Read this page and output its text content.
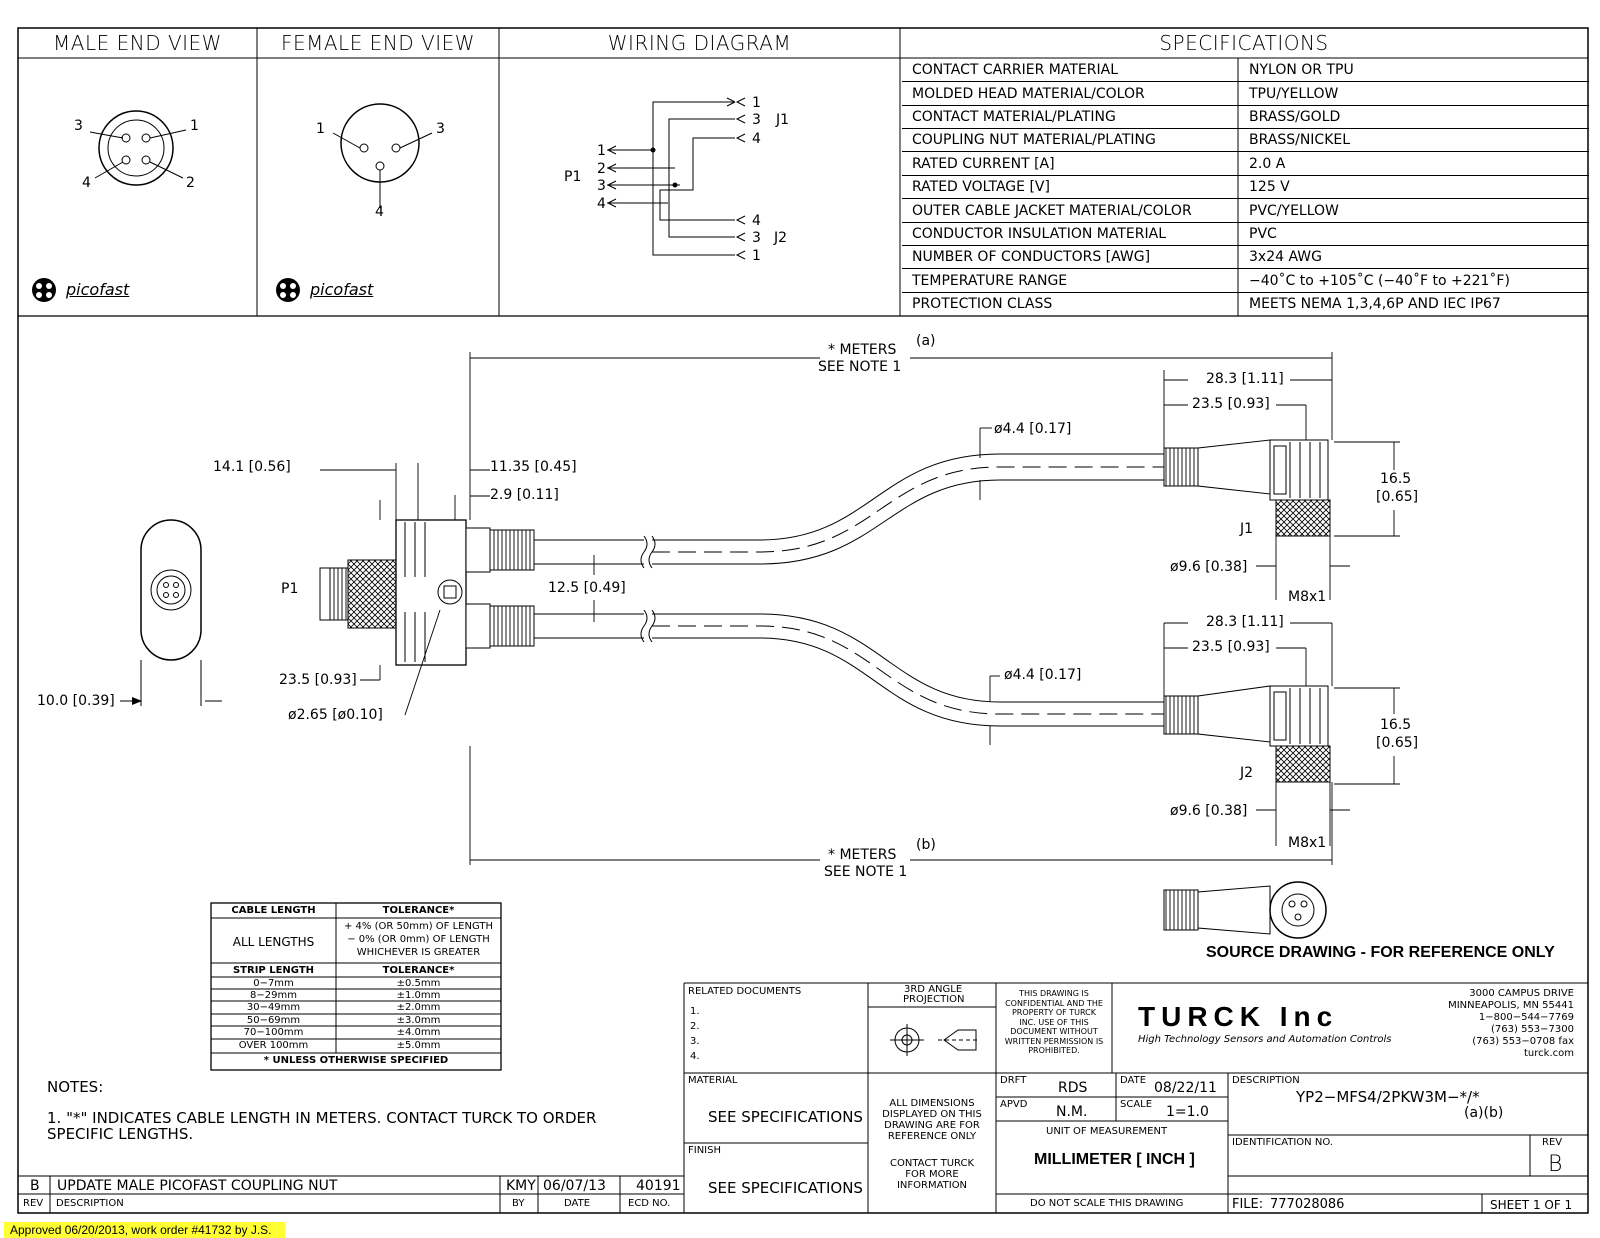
MALE END VIEW	FEMALE END VIEW	WIRING DIAGRAM	SPECIFICATIONS
3	1
4	2
1	3
4
picofast	picofast
P1
1
2
3
4
1
3
4
J1
4
3
1
J2
CONTACT CARRIER MATERIAL	NYLON OR TPU
MOLDED HEAD MATERIAL/COLOR	TPU/YELLOW
CONTACT MATERIAL/PLATING	BRASS/GOLD
COUPLING NUT MATERIAL/PLATING	BRASS/NICKEL
RATED CURRENT [A]	2.0 A
RATED VOLTAGE [V]	125 V
OUTER CABLE JACKET MATERIAL/COLOR	PVC/YELLOW
CONDUCTOR INSULATION MATERIAL	PVC
NUMBER OF CONDUCTORS [AWG]	3x24 AWG
TEMPERATURE RANGE	−40˚C to +105˚C (−40˚F to +221˚F)
PROTECTION CLASS	MEETS NEMA 1,3,4,6P AND IEC IP67
* METERS
SEE NOTE 1
(a)
* METERS
SEE NOTE 1
(b)
14.1 [0.56]	11.35 [0.45]
2.9 [0.11]
12.5 [0.49]
23.5 [0.93]
ø2.65 [ø0.10]
10.0 [0.39]
P1
28.3 [1.11]
23.5 [0.93]
ø4.4 [0.17]
16.5
[0.65]
J1
ø9.6 [0.38]
M8x1
28.3 [1.11]
23.5 [0.93]
ø4.4 [0.17]
16.5
[0.65]
J2
ø9.6 [0.38]
M8x1
SOURCE DRAWING - FOR REFERENCE ONLY
CABLE LENGTH	TOLERANCE*
ALL LENGTHS
+ 4% (OR 50mm) OF LENGTH
− 0% (OR 0mm) OF LENGTH
WHICHEVER IS GREATER
STRIP LENGTH	TOLERANCE*
0−7mm	±0.5mm
8−29mm	±1.0mm
30−49mm	±2.0mm
50−69mm	±3.0mm
70−100mm	±4.0mm
OVER 100mm	±5.0mm
* UNLESS OTHERWISE SPECIFIED
NOTES:
1. "*" INDICATES CABLE LENGTH IN METERS. CONTACT TURCK TO ORDER
SPECIFIC LENGTHS.
B UPDATE MALE PICOFAST COUPLING NUT	KMY 06/07/13 40191
REV DESCRIPTION	BY	DATE	ECD NO.
RELATED DOCUMENTS
1.
2.
3.
4.
3RD ANGLE
PROJECTION
THIS DRAWING IS
CONFIDENTIAL AND THE
PROPERTY OF TURCK
INC. USE OF THIS
DOCUMENT WITHOUT
WRITTEN PERMISSION IS
PROHIBITED.
TURCK Inc
High Technology Sensors and Automation Controls
3000 CAMPUS DRIVE
MINNEAPOLIS, MN 55441
1−800−544−7769
(763) 553−7300
(763) 553−0708 fax
turck.com
MATERIAL
SEE SPECIFICATIONS
FINISH
SEE SPECIFICATIONS
ALL DIMENSIONS
DISPLAYED ON THIS
DRAWING ARE FOR
REFERENCE ONLY
CONTACT TURCK
FOR MORE
INFORMATION
DRFT RDS
APVD N.M.
DATE 08/22/11
SCALE 1=1.0
UNIT OF MEASUREMENT
MILLIMETER [ INCH ]
DO NOT SCALE THIS DRAWING
DESCRIPTION
YP2−MFS4/2PKW3M−*/*
(a)(b)
IDENTIFICATION NO.	REV
B
FILE: 777028086	SHEET 1 OF 1
Approved 06/20/2013, work order #41732 by J.S.
